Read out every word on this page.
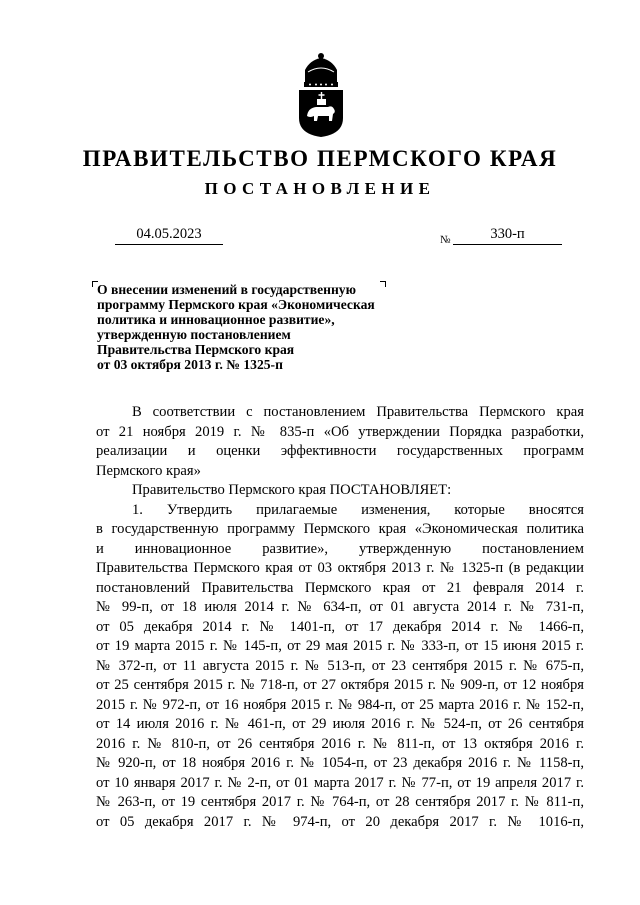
ПРАВИТЕЛЬСТВО ПЕРМСКОГО КРАЯ
ПОСТАНОВЛЕНИЕ
04.05.2023	№	330-п
О внесении изменений в государственную
программу Пермского края «Экономическая
политика и инновационное развитие»,
утвержденную постановлением
Правительства Пермского края
от 03 октября 2013 г. № 1325-п
В соответствии с постановлением Правительства Пермского края
от 21 ноября 2019 г. № 835-п «Об утверждении Порядка разработки,
реализации и оценки эффективности государственных программ
Пермского края»
Правительство Пермского края ПОСТАНОВЛЯЕТ:
1. Утвердить прилагаемые изменения, которые вносятся
в государственную программу Пермского края «Экономическая политика
и инновационное развитие», утвержденную постановлением
Правительства Пермского края от 03 октября 2013 г. № 1325-п (в редакции
постановлений Правительства Пермского края от 21 февраля 2014 г.
№ 99-п, от 18 июля 2014 г. № 634-п, от 01 августа 2014 г. № 731-п,
от 05 декабря 2014 г. № 1401-п, от 17 декабря 2014 г. № 1466-п,
от 19 марта 2015 г. № 145-п, от 29 мая 2015 г. № 333-п, от 15 июня 2015 г.
№ 372-п, от 11 августа 2015 г. № 513-п, от 23 сентября 2015 г. № 675-п,
от 25 сентября 2015 г. № 718-п, от 27 октября 2015 г. № 909-п, от 12 ноября
2015 г. № 972-п, от 16 ноября 2015 г. № 984-п, от 25 марта 2016 г. № 152-п,
от 14 июля 2016 г. № 461-п, от 29 июля 2016 г. № 524-п, от 26 сентября
2016 г. № 810-п, от 26 сентября 2016 г. № 811-п, от 13 октября 2016 г.
№ 920-п, от 18 ноября 2016 г. № 1054-п, от 23 декабря 2016 г. № 1158-п,
от 10 января 2017 г. № 2-п, от 01 марта 2017 г. № 77-п, от 19 апреля 2017 г.
№ 263-п, от 19 сентября 2017 г. № 764-п, от 28 сентября 2017 г. № 811-п,
от 05 декабря 2017 г. № 974-п, от 20 декабря 2017 г. № 1016-п,
